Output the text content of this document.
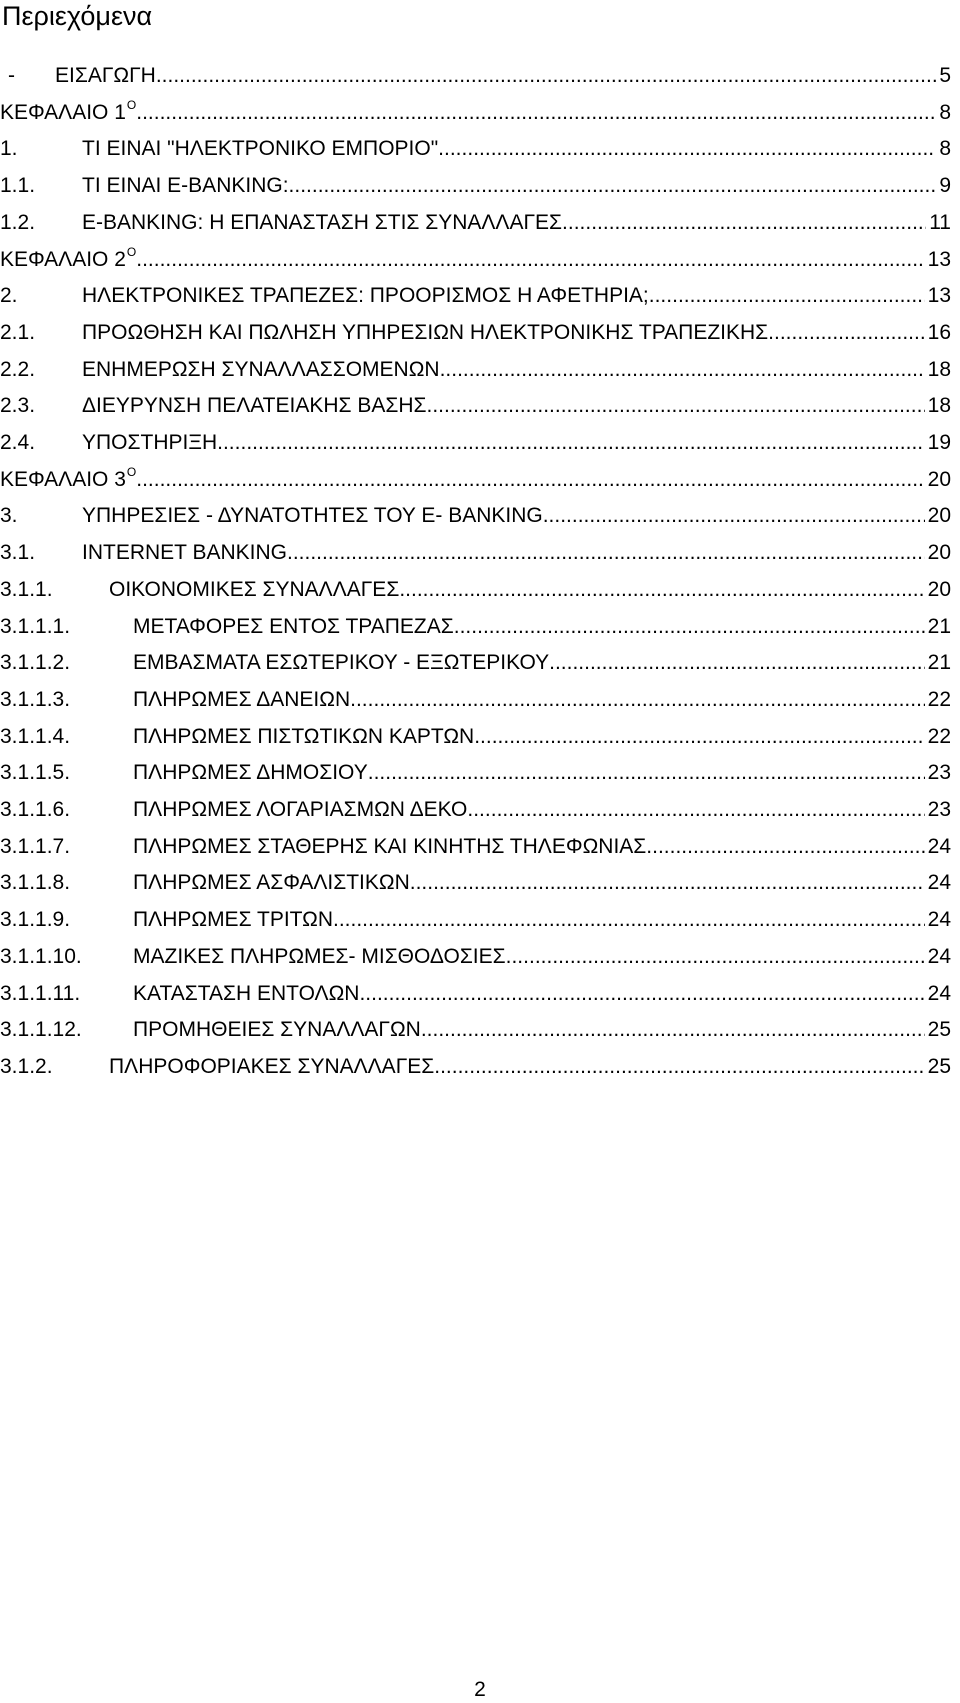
Περιεχόμενα
- ΕΙΣΑΓΩΓΗ .....	5
ΚΕΦΑΛΑΙΟ $1^O$ .....	8
1.	ΤΙ ΕΙΝΑΙ "ΗΛΕΚΤΡΟΝΙΚΟ ΕΜΠΟΡΙΟ". .....	8
1.1. ΤΙ ΕΙΝΑΙ E-BANKING: .....	9
1.2. E-BANKING: Η ΕΠΑΝΑΣΤΑΣΗ ΣΤΙΣ ΣΥΝΑΛΛΑΓΕΣ. .....	11
ΚΕΦΑΛΑΙΟ $2^O$ .....	13
2.	ΗΛΕΚΤΡΟΝΙΚΕΣ ΤΡΑΠΕΖΕΣ: ΠΡΟΟΡΙΣΜΟΣ Η ΑΦΕΤΗΡΙΑ; .....	13
2.1. ΠΡΟΩΘΗΣΗ ΚΑΙ ΠΩΛΗΣΗ ΥΠΗΡΕΣΙΩΝ ΗΛΕΚΤΡΟΝΙΚΗΣ ΤΡΑΠΕΖΙΚΗΣ .....	16
2.2. ΕΝΗΜΕΡΩΣΗ ΣΥΝΑΛΛΑΣΣΟΜΕΝΩΝ .....	18
2.3. ΔΙΕΥΡΥΝΣΗ ΠΕΛΑΤΕΙΑΚΗΣ ΒΑΣΗΣ .....	18
2.4. ΥΠΟΣΤΗΡΙΞΗ .....	19
ΚΕΦΑΛΑΙΟ $3^O$ .....	20
3.	ΥΠΗΡΕΣΙΕΣ - ΔΥΝΑΤΟΤΗΤΕΣ ΤΟΥ E- BANKING .....	20
3.1. INTERNET BANKING .....	20
3.1.1.	ΟΙΚΟΝΟΜΙΚΕΣ ΣΥΝΑΛΛΑΓΕΣ .....	20
3.1.1.1.	ΜΕΤΑΦΟΡΕΣ ΕΝΤΟΣ ΤΡΑΠΕΖΑΣ .....	21
3.1.1.2.	ΕΜΒΑΣΜΑΤΑ ΕΣΩΤΕΡΙΚΟΥ - ΕΞΩΤΕΡΙΚΟΥ .....	21
3.1.1.3.	ΠΛΗΡΩΜΕΣ ΔΑΝΕΙΩΝ .....	22
3.1.1.4.	ΠΛΗΡΩΜΕΣ ΠΙΣΤΩΤΙΚΩΝ ΚΑΡΤΩΝ .....	22
3.1.1.5.	ΠΛΗΡΩΜΕΣ ΔΗΜΟΣΙΟΥ .....	23
3.1.1.6.	ΠΛΗΡΩΜΕΣ ΛΟΓΑΡΙΑΣΜΩΝ ΔΕΚΟ .....	23
3.1.1.7.	ΠΛΗΡΩΜΕΣ ΣΤΑΘΕΡΗΣ ΚΑΙ ΚΙΝΗΤΗΣ ΤΗΛΕΦΩΝΙΑΣ .....	24
3.1.1.8.	ΠΛΗΡΩΜΕΣ ΑΣΦΑΛΙΣΤΙΚΩΝ .....	24
3.1.1.9.	ΠΛΗΡΩΜΕΣ ΤΡΙΤΩΝ .....	24
3.1.1.10. ΜΑΖΙΚΕΣ ΠΛΗΡΩΜΕΣ- ΜΙΣΘΟΔΟΣΙΕΣ .....	24
3.1.1.11.	ΚΑΤΑΣΤΑΣΗ ΕΝΤΟΛΩΝ .....	24
3.1.1.12. ΠΡΟΜΗΘΕΙΕΣ ΣΥΝΑΛΛΑΓΩΝ .....	25
3.1.2.	ΠΛΗΡΟΦΟΡΙΑΚΕΣ ΣΥΝΑΛΛΑΓΕΣ .....	25
2
